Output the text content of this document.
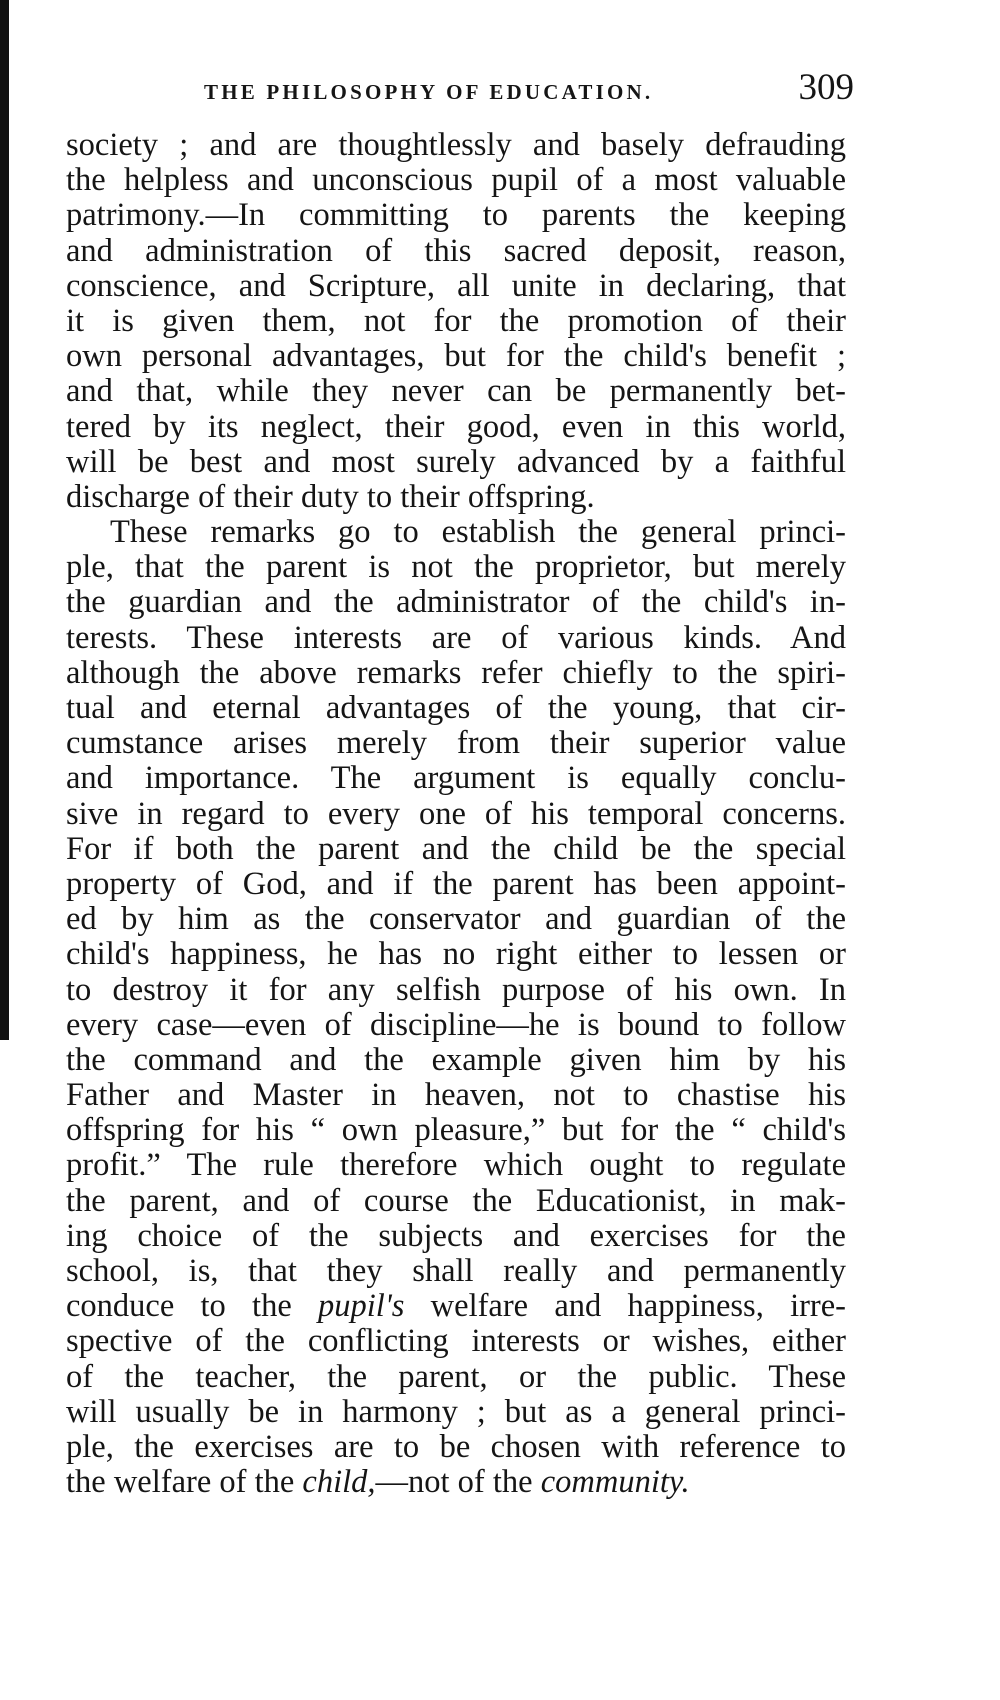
THE PHILOSOPHY OF EDUCATION.	309
society ; and are thoughtlessly and basely defrauding
the helpless and unconscious pupil of a most valuable
patrimony.—In committing to parents the keeping
and administration of this sacred deposit, reason,
conscience, and Scripture, all unite in declaring, that
it is given them, not for the promotion of their
own personal advantages, but for the child's benefit ;
and that, while they never can be permanently bet-
tered by its neglect, their good, even in this world,
will be best and most surely advanced by a faithful
discharge of their duty to their offspring.
These remarks go to establish the general princi-
ple, that the parent is not the proprietor, but merely
the guardian and the administrator of the child's in-
terests. These interests are of various kinds. And
although the above remarks refer chiefly to the spiri-
tual and eternal advantages of the young, that cir-
cumstance arises merely from their superior value
and importance. The argument is equally conclu-
sive in regard to every one of his temporal concerns.
For if both the parent and the child be the special
property of God, and if the parent has been appoint-
ed by him as the conservator and guardian of the
child's happiness, he has no right either to lessen or
to destroy it for any selfish purpose of his own. In
every case—even of discipline—he is bound to follow
the command and the example given him by his
Father and Master in heaven, not to chastise his
offspring for his “ own pleasure,” but for the “ child's
profit.” The rule therefore which ought to regulate
the parent, and of course the Educationist, in mak-
ing choice of the subjects and exercises for the
school, is, that they shall really and permanently
conduce to the pupil's welfare and happiness, irre-
spective of the conflicting interests or wishes, either
of the teacher, the parent, or the public. These
will usually be in harmony ; but as a general princi-
ple, the exercises are to be chosen with reference to
the welfare of the child,—not of the community.
